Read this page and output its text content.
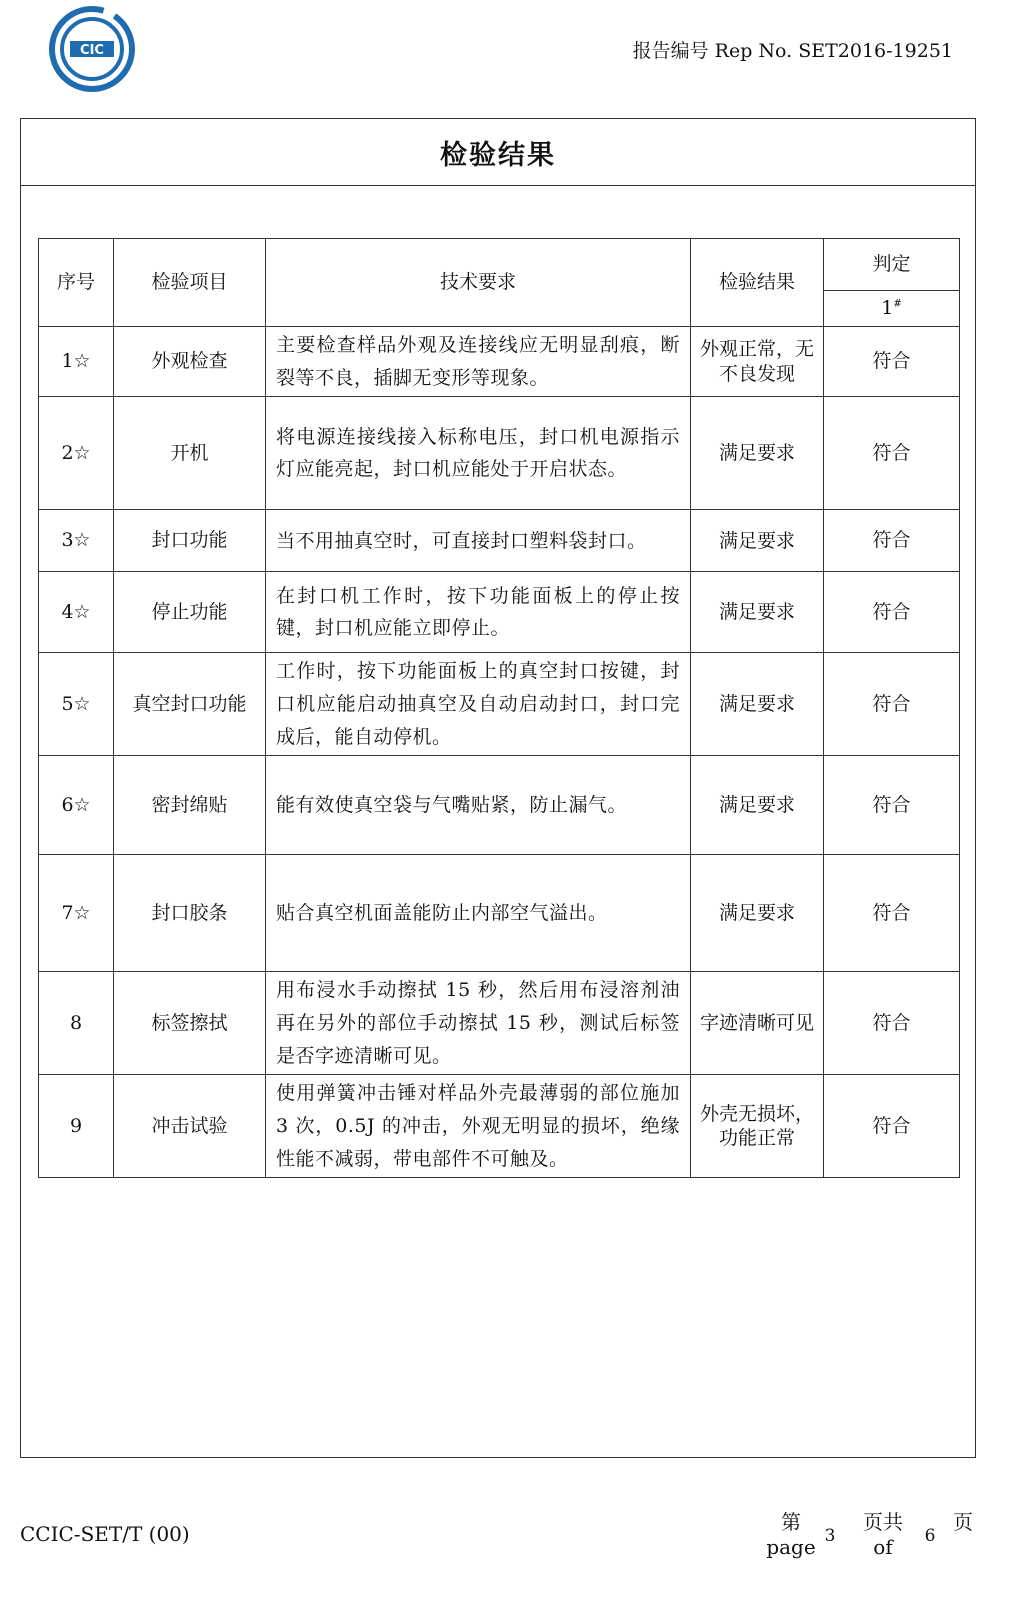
CIC	报告编号 Rep No. SET2016-19251
检验结果
序号	检验项目	技术要求	检验结果	判定
				1#
1☆	外观检查	主要检查样品外观及连接线应无明显刮痕，断裂等不良，插脚无变形等现象。	外观正常，无不良发现	符合
2☆	开机	将电源连接线接入标称电压，封口机电源指示灯应能亮起，封口机应能处于开启状态。	满足要求	符合
3☆	封口功能	当不用抽真空时，可直接封口塑料袋封口。	满足要求	符合
4☆	停止功能	在封口机工作时，按下功能面板上的停止按键，封口机应能立即停止。	满足要求	符合
5☆	真空封口功能	工作时，按下功能面板上的真空封口按键，封口机应能启动抽真空及自动启动封口，封口完成后，能自动停机。	满足要求	符合
6☆	密封绵贴	能有效使真空袋与气嘴贴紧，防止漏气。	满足要求	符合
7☆	封口胶条	贴合真空机面盖能防止内部空气溢出。	满足要求	符合
8	标签擦拭	用布浸水手动擦拭 15 秒，然后用布浸溶剂油再在另外的部位手动擦拭 15 秒，测试后标签是否字迹清晰可见。	字迹清晰可见	符合
9	冲击试验	使用弹簧冲击锤对样品外壳最薄弱的部位施加 3 次，0.5J 的冲击，外观无明显的损坏，绝缘性能不减弱，带电部件不可触及。	外壳无损坏，功能正常	符合
CCIC-SET/T (00)	第
page 3
页共
of	6
页
